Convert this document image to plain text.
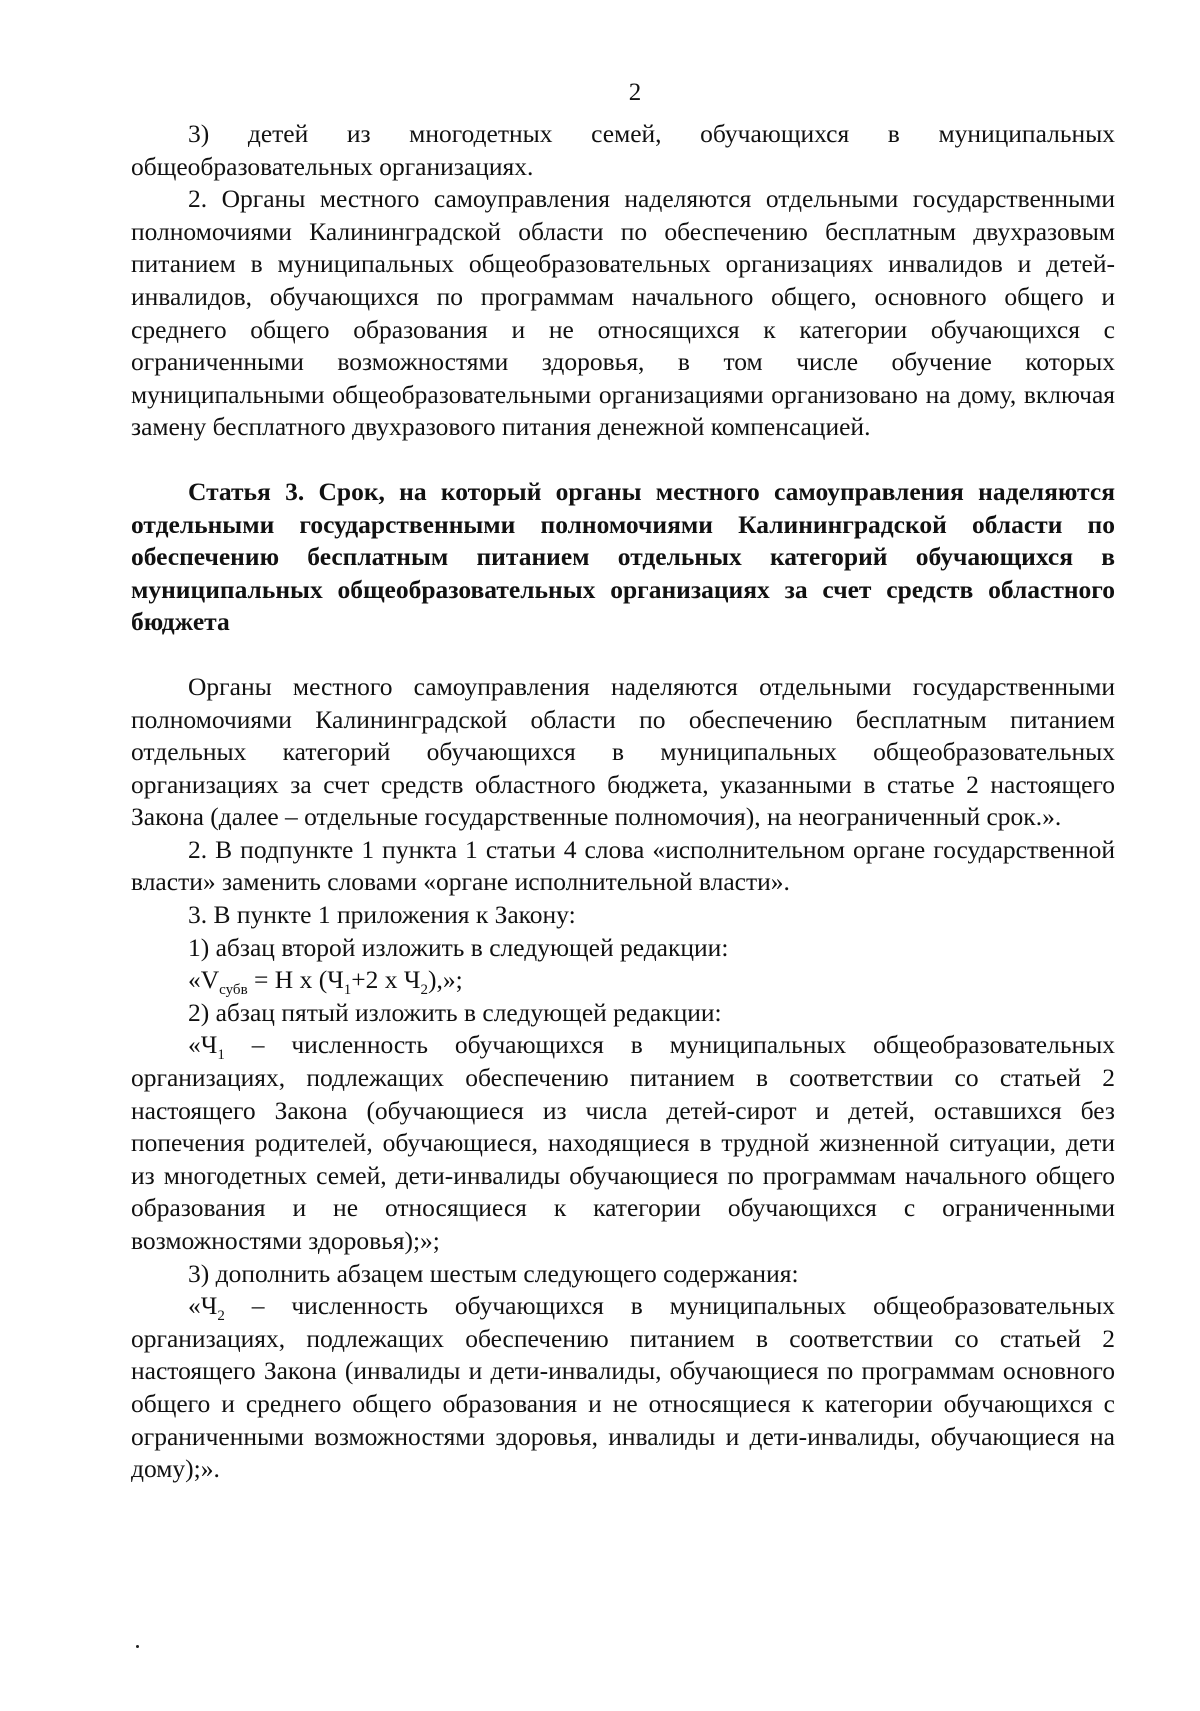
2

3) детей из многодетных семей, обучающихся в муниципальных общеобразовательных организациях.

2. Органы местного самоуправления наделяются отдельными государственными полномочиями Калининградской области по обеспечению бесплатным двухразовым питанием в муниципальных общеобразовательных организациях инвалидов и детей-инвалидов, обучающихся по программам начального общего, основного общего и среднего общего образования и не относящихся к категории обучающихся с ограниченными возможностями здоровья, в том числе обучение которых муниципальными общеобразовательными организациями организовано на дому, включая замену бесплатного двухразового питания денежной компенсацией.

Статья 3. Срок, на который органы местного самоуправления наделяются отдельными государственными полномочиями Калининградской области по обеспечению бесплатным питанием отдельных категорий обучающихся в муниципальных общеобразовательных организациях за счет средств областного бюджета

Органы местного самоуправления наделяются отдельными государственными полномочиями Калининградской области по обеспечению бесплатным питанием отдельных категорий обучающихся в муниципальных общеобразовательных организациях за счет средств областного бюджета, указанными в статье 2 настоящего Закона (далее – отдельные государственные полномочия), на неограниченный срок.».

2. В подпункте 1 пункта 1 статьи 4 слова «исполнительном органе государственной власти» заменить словами «органе исполнительной власти».

3. В пункте 1 приложения к Закону:

1) абзац второй изложить в следующей редакции:

«$V_{субв} = Н$ х ($Ч_1+2$ х $Ч_2$),»;

2) абзац пятый изложить в следующей редакции:

«$Ч_1$ – численность обучающихся в муниципальных общеобразовательных организациях, подлежащих обеспечению питанием в соответствии со статьей 2 настоящего Закона (обучающиеся из числа детей-сирот и детей, оставшихся без попечения родителей, обучающиеся, находящиеся в трудной жизненной ситуации, дети из многодетных семей, дети-инвалиды обучающиеся по программам начального общего образования и не относящиеся к категории обучающихся с ограниченными возможностями здоровья);»;

3) дополнить абзацем шестым следующего содержания:

«$Ч_2$ – численность обучающихся в муниципальных общеобразовательных организациях, подлежащих обеспечению питанием в соответствии со статьей 2 настоящего Закона (инвалиды и дети-инвалиды, обучающиеся по программам основного общего и среднего общего образования и не относящиеся к категории обучающихся с ограниченными возможностями здоровья, инвалиды и дети-инвалиды, обучающиеся на дому);».
